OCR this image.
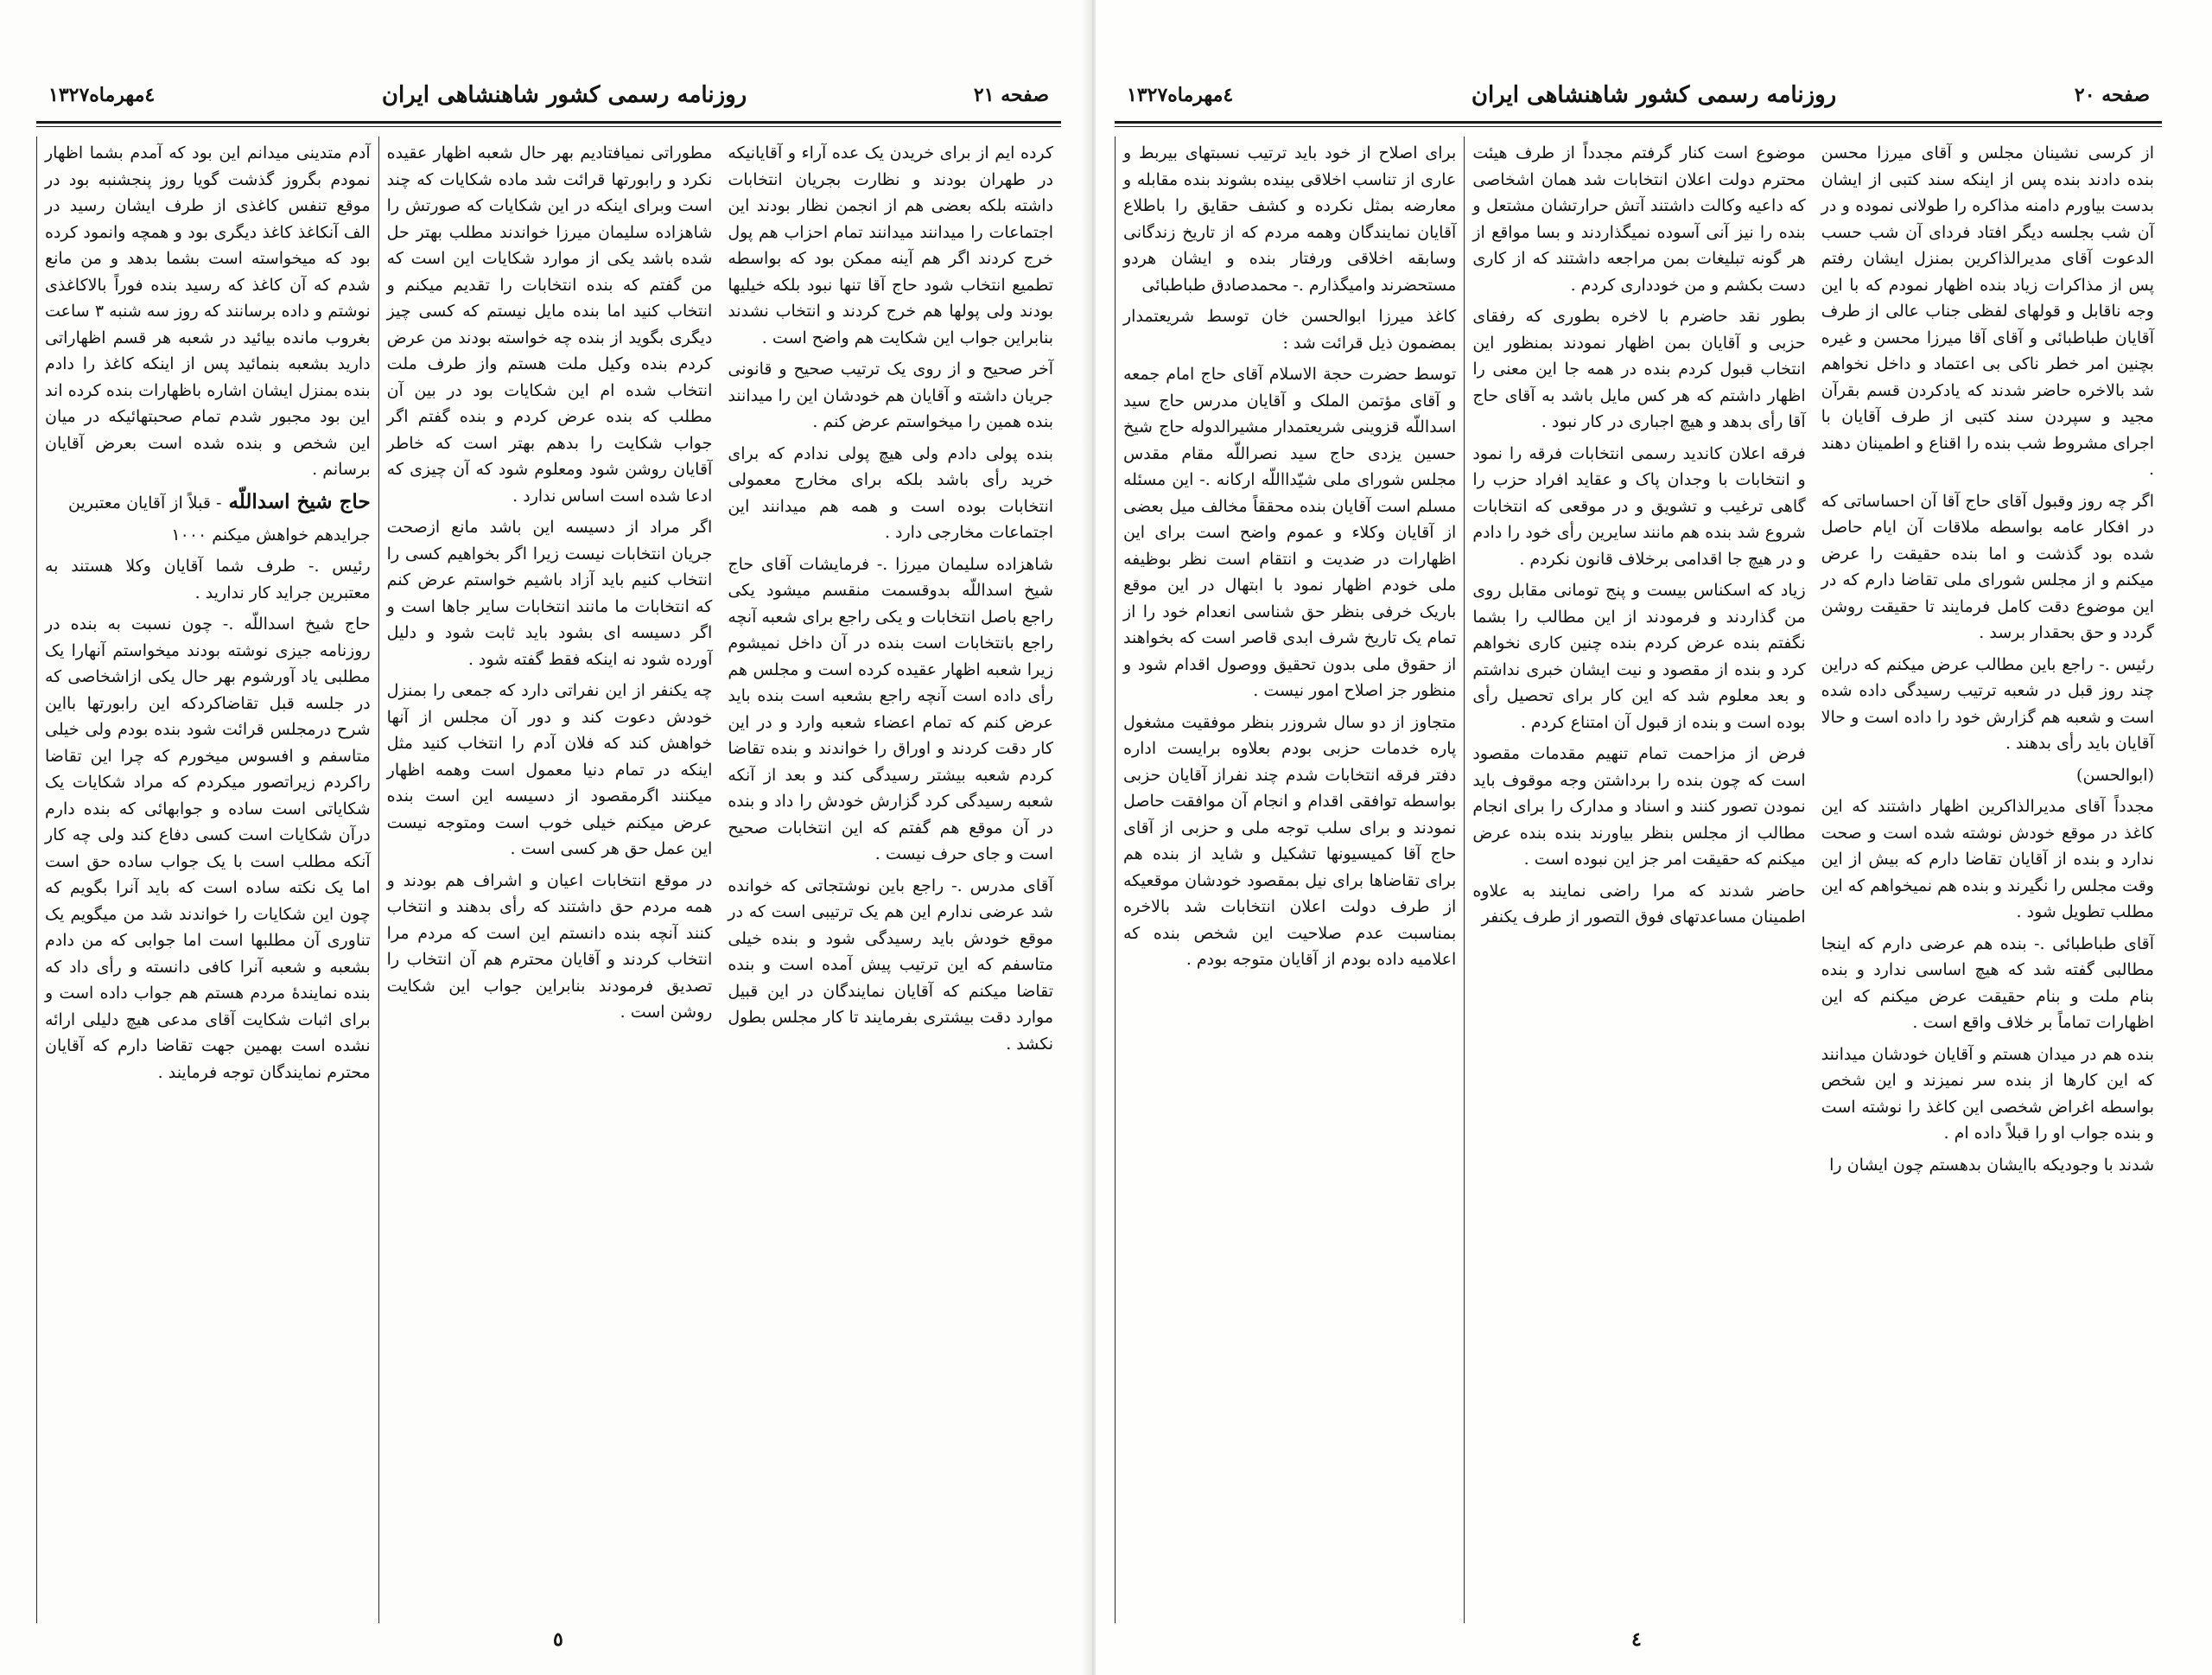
٤مهرماه١٣٢٧	روزنامه رسمی کشور شاهنشاهی ایران	صفحه ۲۱

آدم متدینی میدانم این بود که آمدم بشما اظهار نمودم بگروز گذشت گویا روز پنجشنبه بود در موقع تنفس کاغذی از طرف ایشان رسید در الف آنکاغذ کاغذ دیگری بود و همچه وانمود کرده بود که میخواسته است بشما بدهد و من مانع شدم که آن کاغذ که رسید بنده فوراً بالاکاغذی نوشتم و داده برسانند که روز سه شنبه ۳ ساعت بغروب مانده بیائید در شعبه هر قسم اظهاراتی دارید بشعبه بنمائید پس از اینکه کاغذ را دادم بنده بمنزل ایشان اشاره باظهارات بنده کرده اند این بود مجبور شدم تمام صحبتهائیکه در میان این شخص و بنده شده است بعرض آقایان برسانم .

حاج شیخ اسداللّه - قبلاً از آقایان معتبرین

جرایدهم خواهش میکنم ۱۰۰۰

رئیس .- طرف شما آقایان وکلا هستند به معتبرین جراید کار ندارید .

حاج شیخ اسداللّه .- چون نسبت به بنده در روزنامه جیزی نوشته بودند میخواستم آنهارا یک مطلبی یاد آورشوم بهر حال یکی ازاشخاصی که در جلسه قبل تقاضاکردکه این رابورتها بااین شرح درمجلس قرائت شود بنده بودم ولی خیلی متاسفم و افسوس میخورم که چرا این تقاضا راکردم زیراتصور میکردم که مراد شکایات یک شکایاتی است ساده و جوابهائی که بنده دارم درآن شکایات است کسی دفاع کند ولی چه کار آنکه مطلب است با یک جواب ساده حق است اما یک نکته ساده است که باید آنرا بگویم که چون این شکایات را خواندند شد من میگویم یک تناوری آن مطلبها است اما جوابی که من دادم بشعبه و شعبه آنرا کافی دانسته و رأی داد که بنده نمایندهٔ مردم هستم هم جواب داده است و برای اثبات شکایت آقای مدعی هیچ دلیلی ارائه نشده است بهمین جهت تقاضا دارم که آقایان محترم نمایندگان توجه فرمایند .

مطوراتی نمیافتادیم بهر حال شعبه اظهار عقیده نکرد و رابورتها قرائت شد ماده شکایات که چند است وبرای اینکه در این شکایات که صورتش را شاهزاده سلیمان میرزا خواندند مطلب بهتر حل شده باشد یکی از موارد شکایات این است که من گفتم که بنده انتخابات را تقدیم میکنم و انتخاب کنید اما بنده مایل نیستم که کسی چیز دیگری بگوید از بنده چه خواسته بودند من عرض کردم بنده وکیل ملت هستم واز طرف ملت انتخاب شده ام این شکایات بود در بین آن مطلب که بنده عرض کردم و بنده گفتم اگر جواب شکایت را بدهم بهتر است که خاطر آقایان روشن شود ومعلوم شود که آن چیزی که ادعا شده است اساس ندارد .

اگر مراد از دسیسه این باشد مانع ازصحت جریان انتخابات نیست زیرا اگر بخواهیم کسی را انتخاب کنیم باید آزاد باشیم خواستم عرض کنم که انتخابات ما مانند انتخابات سایر جاها است و اگر دسیسه ای بشود باید ثابت شود و دلیل آورده شود نه اینکه فقط گفته شود .

چه یکنفر از این نفراتی دارد که جمعی را بمنزل خودش دعوت کند و دور آن مجلس از آنها خواهش کند که فلان آدم را انتخاب کنید مثل اینکه در تمام دنیا معمول است وهمه اظهار میکنند اگرمقصود از دسیسه این است بنده عرض میکنم خیلی خوب است ومتوجه نیست این عمل حق هر کسی است .

در موقع انتخابات اعیان و اشراف هم بودند و همه مردم حق داشتند که رأی بدهند و انتخاب کنند آنچه بنده دانستم این است که مردم مرا انتخاب کردند و آقایان محترم هم آن انتخاب را تصدیق فرمودند بنابراین جواب این شکایت روشن است .

کرده ایم از برای خریدن یک عده آراء و آقایانیکه در طهران بودند و نظارت بجریان انتخابات داشته بلکه بعضی هم از انجمن نظار بودند این اجتماعات را میدانند میدانند تمام احزاب هم پول خرج کردند اگر هم آینه ممکن بود که بواسطه تطمیع انتخاب شود حاج آقا تنها نبود بلکه خیلیها بودند ولی پولها هم خرج کردند و انتخاب نشدند بنابراین جواب این شکایت هم واضح است .

آخر صحیح و از روی یک ترتیب صحیح و قانونی جریان داشته و آقایان هم خودشان این را میدانند بنده همین را میخواستم عرض کنم .

بنده پولی دادم ولی هیچ پولی ندادم که برای خرید رأی باشد بلکه برای مخارج معمولی انتخابات بوده است و همه هم میدانند این اجتماعات مخارجی دارد .

شاهزاده سلیمان میرزا .- فرمایشات آقای حاج شیخ اسداللّه بدوقسمت منقسم میشود یکی راجع باصل انتخابات و یکی راجع برای شعبه آنچه راجع بانتخابات است بنده در آن داخل نمیشوم زیرا شعبه اظهار عقیده کرده است و مجلس هم رأی داده است آنچه راجع بشعبه است بنده باید عرض کنم که تمام اعضاء شعبه وارد و در این کار دقت کردند و اوراق را خواندند و بنده تقاضا کردم شعبه بیشتر رسیدگی کند و بعد از آنکه شعبه رسیدگی کرد گزارش خودش را داد و بنده در آن موقع هم گفتم که این انتخابات صحیح است و جای حرف نیست .

آقای مدرس .- راجع باین نوشتجاتی که خوانده شد عرضی ندارم این هم یک ترتیبی است که در موقع خودش باید رسیدگی شود و بنده خیلی متاسفم که این ترتیب پیش آمده است و بنده تقاضا میکنم که آقایان نمایندگان در این قبیل موارد دقت بیشتری بفرمایند تا کار مجلس بطول نکشد .

٥
٤مهرماه١٣٢٧	روزنامه رسمی کشور شاهنشاهی ایران	صفحه ۲۰

برای اصلاح از خود باید ترتیب نسبتهای بیربط و عاری از تناسب اخلاقی بینده بشوند بنده مقابله و معارضه بمثل نکرده و کشف حقایق را باطلاع آقایان نمایندگان وهمه مردم که از تاریخ زندگانی وسابقه اخلاقی ورفتار بنده و ایشان هردو مستحضرند وامیگذارم .- محمدصادق طباطبائی

کاغذ میرزا ابوالحسن خان توسط شریعتمدار بمضمون ذیل قرائت شد :

توسط حضرت حجة الاسلام آقای حاج امام جمعه و آقای مؤتمن الملک و آقایان مدرس حاج سید اسداللّه قزوینی شریعتمدار مشیرالدوله حاج شیخ حسین یزدی حاج سید نصراللّه مقام مقدس مجلس شورای ملی شیّدااللّه ارکانه .- این مسئله مسلم است آقایان بنده محققاً مخالف میل بعضی از آقایان وکلاء و عموم واضح است برای این اظهارات در ضدیت و انتقام است نظر بوظیفه ملی خودم اظهار نمود با ابتهال در این موقع باریک خرفی بنظر حق شناسی انعدام خود را از تمام یک تاریخ شرف ابدی قاصر است که بخواهند از حقوق ملی بدون تحقیق ووصول اقدام شود و منظور جز اصلاح امور نیست .

متجاوز از دو سال شروزر بنظر موفقیت مشغول پاره خدمات حزبی بودم بعلاوه برایست اداره دفتر فرقه انتخابات شدم چند نفراز آقایان حزبی بواسطه توافقی اقدام و انجام آن موافقت حاصل نمودند و برای سلب توجه ملی و حزبی از آقای حاج آقا کمیسیونها تشکیل و شاید از بنده هم برای تقاضاها برای نیل بمقصود خودشان موقعیکه از طرف دولت اعلان انتخابات شد بالاخره بمناسبت عدم صلاحیت این شخص بنده که اعلامیه داده بودم از آقایان متوجه بودم .

موضوع است کنار گرفتم مجدداً از طرف هیئت محترم دولت اعلان انتخابات شد همان اشخاصی که داعیه وکالت داشتند آتش حرارتشان مشتعل و بنده را نیز آنی آسوده نمیگذاردند و بسا مواقع از هر گونه تبلیغات بمن مراجعه داشتند که از کاری دست بکشم و من خودداری کردم .

بطور نقد حاضرم با لاخره بطوری که رفقای حزبی و آقایان بمن اظهار نمودند بمنظور این انتخاب قبول کردم بنده در همه جا این معنی را اظهار داشتم که هر کس مایل باشد به آقای حاج آقا رأی بدهد و هیچ اجباری در کار نبود .

فرقه اعلان کاندید رسمی انتخابات فرقه را نمود و انتخابات با وجدان پاک و عقاید افراد حزب را گاهی ترغیب و تشویق و در موقعی که انتخابات شروع شد بنده هم مانند سایرین رأی خود را دادم و در هیچ جا اقدامی برخلاف قانون نکردم .

زیاد که اسکناس بیست و پنج تومانی مقابل روی من گذاردند و فرمودند از این مطالب را بشما نگفتم بنده عرض کردم بنده چنین کاری نخواهم کرد و بنده از مقصود و نیت ایشان خبری نداشتم و بعد معلوم شد که این کار برای تحصیل رأی بوده است و بنده از قبول آن امتناع کردم .

فرض از مزاحمت تمام تنهیم مقدمات مقصود است که چون بنده را برداشتن وجه موقوف باید نمودن تصور کنند و اسناد و مدارک را برای انجام مطالب از مجلس بنظر بیاورند بنده بنده عرض میکنم که حقیقت امر جز این نبوده است .

حاضر شدند که مرا راضی نمایند به علاوه اطمینان مساعدتهای فوق التصور از طرف یکنفر

از کرسی نشینان مجلس و آقای میرزا محسن بنده دادند بنده پس از اینکه سند کتبی از ایشان بدست بیاورم دامنه مذاکره را طولانی نموده و در آن شب بجلسه دیگر افتاد فردای آن شب حسب الدعوت آقای مدیرالذاکرین بمنزل ایشان رفتم پس از مذاکرات زیاد بنده اظهار نمودم که با این وجه ناقابل و قولهای لفظی جناب عالی از طرف آقایان طباطبائی و آقای آقا میرزا محسن و غیره بچنین امر خطر ناکی بی اعتماد و داخل نخواهم شد بالاخره حاضر شدند که یادکردن قسم بقرآن مجید و سپردن سند کتبی از طرف آقایان با اجرای مشروط شب بنده را اقناع و اطمینان دهند .

اگر چه روز وقبول آقای حاج آقا آن احساساتی که در افکار عامه بواسطه ملاقات آن ایام حاصل شده بود گذشت و اما بنده حقیقت را عرض میکنم و از مجلس شورای ملی تقاضا دارم که در این موضوع دقت کامل فرمایند تا حقیقت روشن گردد و حق بحقدار برسد .

رئیس .- راجع باین مطالب عرض میکنم که دراین چند روز قبل در شعبه ترتیب رسیدگی داده شده است و شعبه هم گزارش خود را داده است و حالا آقایان باید رأی بدهند .

(ابوالحسن)

مجدداً آقای مدیرالذاکرین اظهار داشتند که این کاغذ در موقع خودش نوشته شده است و صحت ندارد و بنده از آقایان تقاضا دارم که بیش از این وقت مجلس را نگیرند و بنده هم نمیخواهم که این مطلب تطویل شود .

آقای طباطبائی .- بنده هم عرضی دارم که اینجا مطالبی گفته شد که هیچ اساسی ندارد و بنده بنام ملت و بنام حقیقت عرض میکنم که این اظهارات تماماً بر خلاف واقع است .

بنده هم در میدان هستم و آقایان خودشان میدانند که این کارها از بنده سر نمیزند و این شخص بواسطه اغراض شخصی این کاغذ را نوشته است و بنده جواب او را قبلاً داده ام .

شدند با وجودیکه باایشان بدهستم چون ایشان را

٤
